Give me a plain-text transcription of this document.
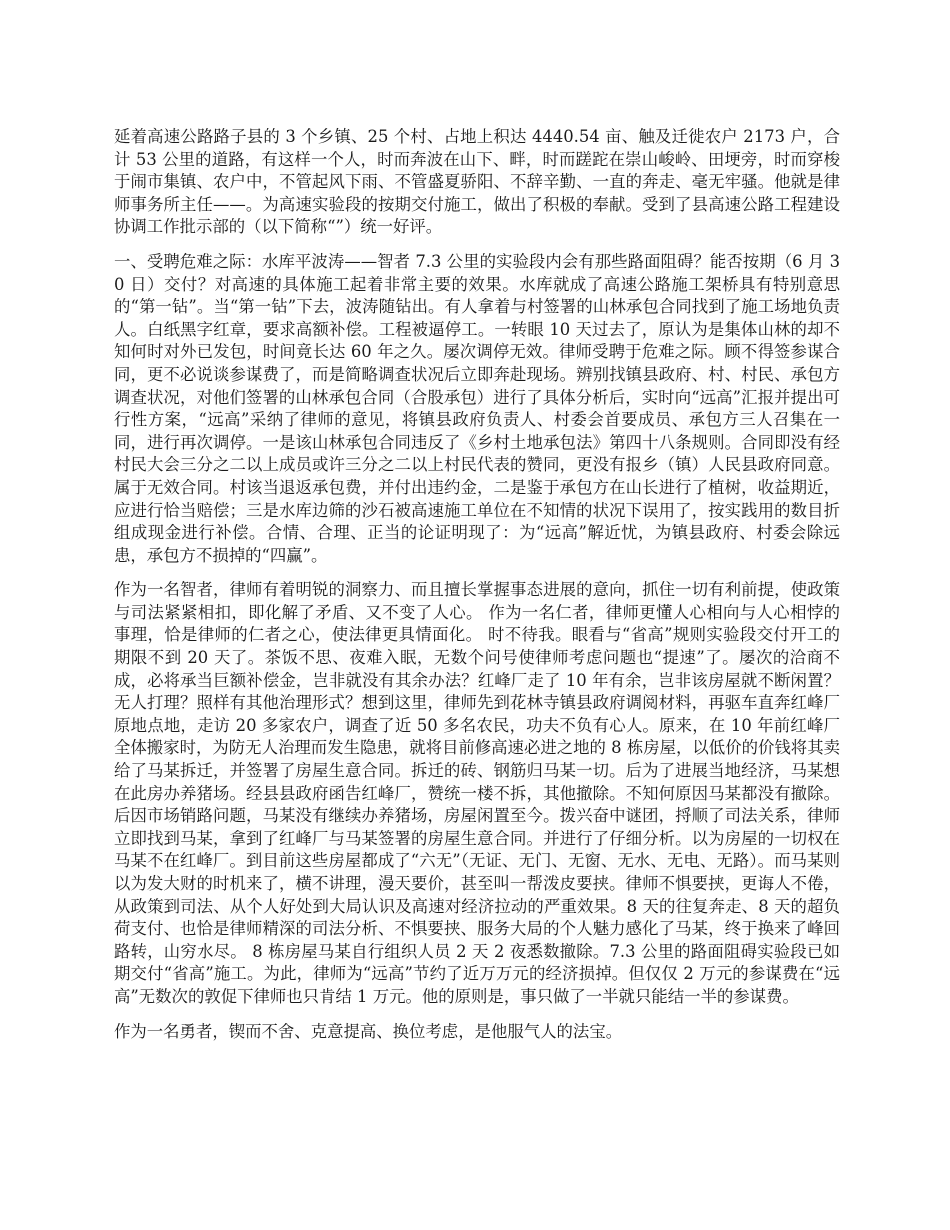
延着高速公路路子县的 3 个乡镇、25 个村、占地上积达 4440.54 亩、触及迁徙农户 2173 户，合计 53 公里的道路，有这样一个人，时而奔波在山下、畔，时而蹉跎在崇山峻岭、田埂旁，时而穿梭于闹市集镇、农户中，不管起风下雨、不管盛夏骄阳、不辞辛勤、一直的奔走、毫无牢骚。他就是律师事务所主任——。为高速实验段的按期交付施工，做出了积极的奉献。受到了县高速公路工程建设协调工作批示部的（以下简称“”）统一好评。

一、受聘危难之际：水库平波涛——智者 7.3 公里的实验段内会有那些路面阻碍？能否按期（6 月 30 日）交付？对高速的具体施工起着非常主要的效果。水库就成了高速公路施工架桥具有特别意思的“第一钻”。当“第一钻”下去，波涛随钻出。有人拿着与村签署的山林承包合同找到了施工场地负责人。白纸黑字红章，要求高额补偿。工程被逼停工。一转眼 10 天过去了，原认为是集体山林的却不知何时对外已发包，时间竟长达 60 年之久。屡次调停无效。律师受聘于危难之际。顾不得签参谋合同，更不必说谈参谋费了，而是简略调查状况后立即奔赴现场。辨别找镇县政府、村、村民、承包方调查状况，对他们签署的山林承包合同（合股承包）进行了具体分析后，实时向“远高”汇报并提出可行性方案，“远高”采纳了律师的意见，将镇县政府负责人、村委会首要成员、承包方三人召集在一同，进行再次调停。一是该山林承包合同违反了《乡村土地承包法》第四十八条规则。合同即没有经村民大会三分之二以上成员或许三分之二以上村民代表的赞同，更没有报乡（镇）人民县政府同意。属于无效合同。村该当退返承包费，并付出违约金，二是鉴于承包方在山长进行了植树，收益期近，应进行恰当赔偿；三是水库边筛的沙石被高速施工单位在不知情的状况下误用了，按实践用的数目折组成现金进行补偿。合情、合理、正当的论证明现了：为“远高”解近忧，为镇县政府、村委会除远患，承包方不损掉的“四赢”。

作为一名智者，律师有着明锐的洞察力、而且擅长掌握事态进展的意向，抓住一切有利前提，使政策与司法紧紧相扣，即化解了矛盾、又不变了人心。 作为一名仁者，律师更懂人心相向与人心相悖的事理，恰是律师的仁者之心，使法律更具情面化。 时不待我。眼看与“省高”规则实验段交付开工的期限不到 20 天了。茶饭不思、夜难入眠，无数个问号使律师考虑问题也“提速”了。屡次的洽商不成，必将承当巨额补偿金，岂非就没有其余办法？红峰厂走了 10 年有余，岂非该房屋就不断闲置？无人打理？照样有其他治理形式？想到这里，律师先到花林寺镇县政府调阅材料，再驱车直奔红峰厂原地点地，走访 20 多家农户，调查了近 50 多名农民，功夫不负有心人。原来，在 10 年前红峰厂全体搬家时，为防无人治理而发生隐患，就将目前修高速必进之地的 8 栋房屋，以低价的价钱将其卖给了马某拆迁，并签署了房屋生意合同。拆迁的砖、钢筋归马某一切。后为了进展当地经济，马某想在此房办养猪场。经县县政府函告红峰厂，赞统一楼不拆，其他撤除。不知何原因马某都没有撤除。后因市场销路问题，马某没有继续办养猪场，房屋闲置至今。拨兴奋中谜团，捋顺了司法关系，律师立即找到马某，拿到了红峰厂与马某签署的房屋生意合同。并进行了仔细分析。以为房屋的一切权在马某不在红峰厂。到目前这些房屋都成了“六无”（无证、无门、无窗、无水、无电、无路）。而马某则以为发大财的时机来了，横不讲理，漫天要价，甚至叫一帮泼皮要挟。律师不惧要挟，更诲人不倦，从政策到司法、从个人好处到大局认识及高速对经济拉动的严重效果。8 天的往复奔走、8 天的超负荷支付、也恰是律师精深的司法分析、不惧要挟、服务大局的个人魅力感化了马某，终于换来了峰回路转，山穷水尽。 8 栋房屋马某自行组织人员 2 天 2 夜悉数撤除。7.3 公里的路面阻碍实验段已如期交付“省高”施工。为此，律师为“远高”节约了近万万元的经济损掉。但仅仅 2 万元的参谋费在“远高”无数次的敦促下律师也只肯结 1 万元。他的原则是，事只做了一半就只能结一半的参谋费。

作为一名勇者，锲而不舍、克意提高、换位考虑，是他服气人的法宝。
